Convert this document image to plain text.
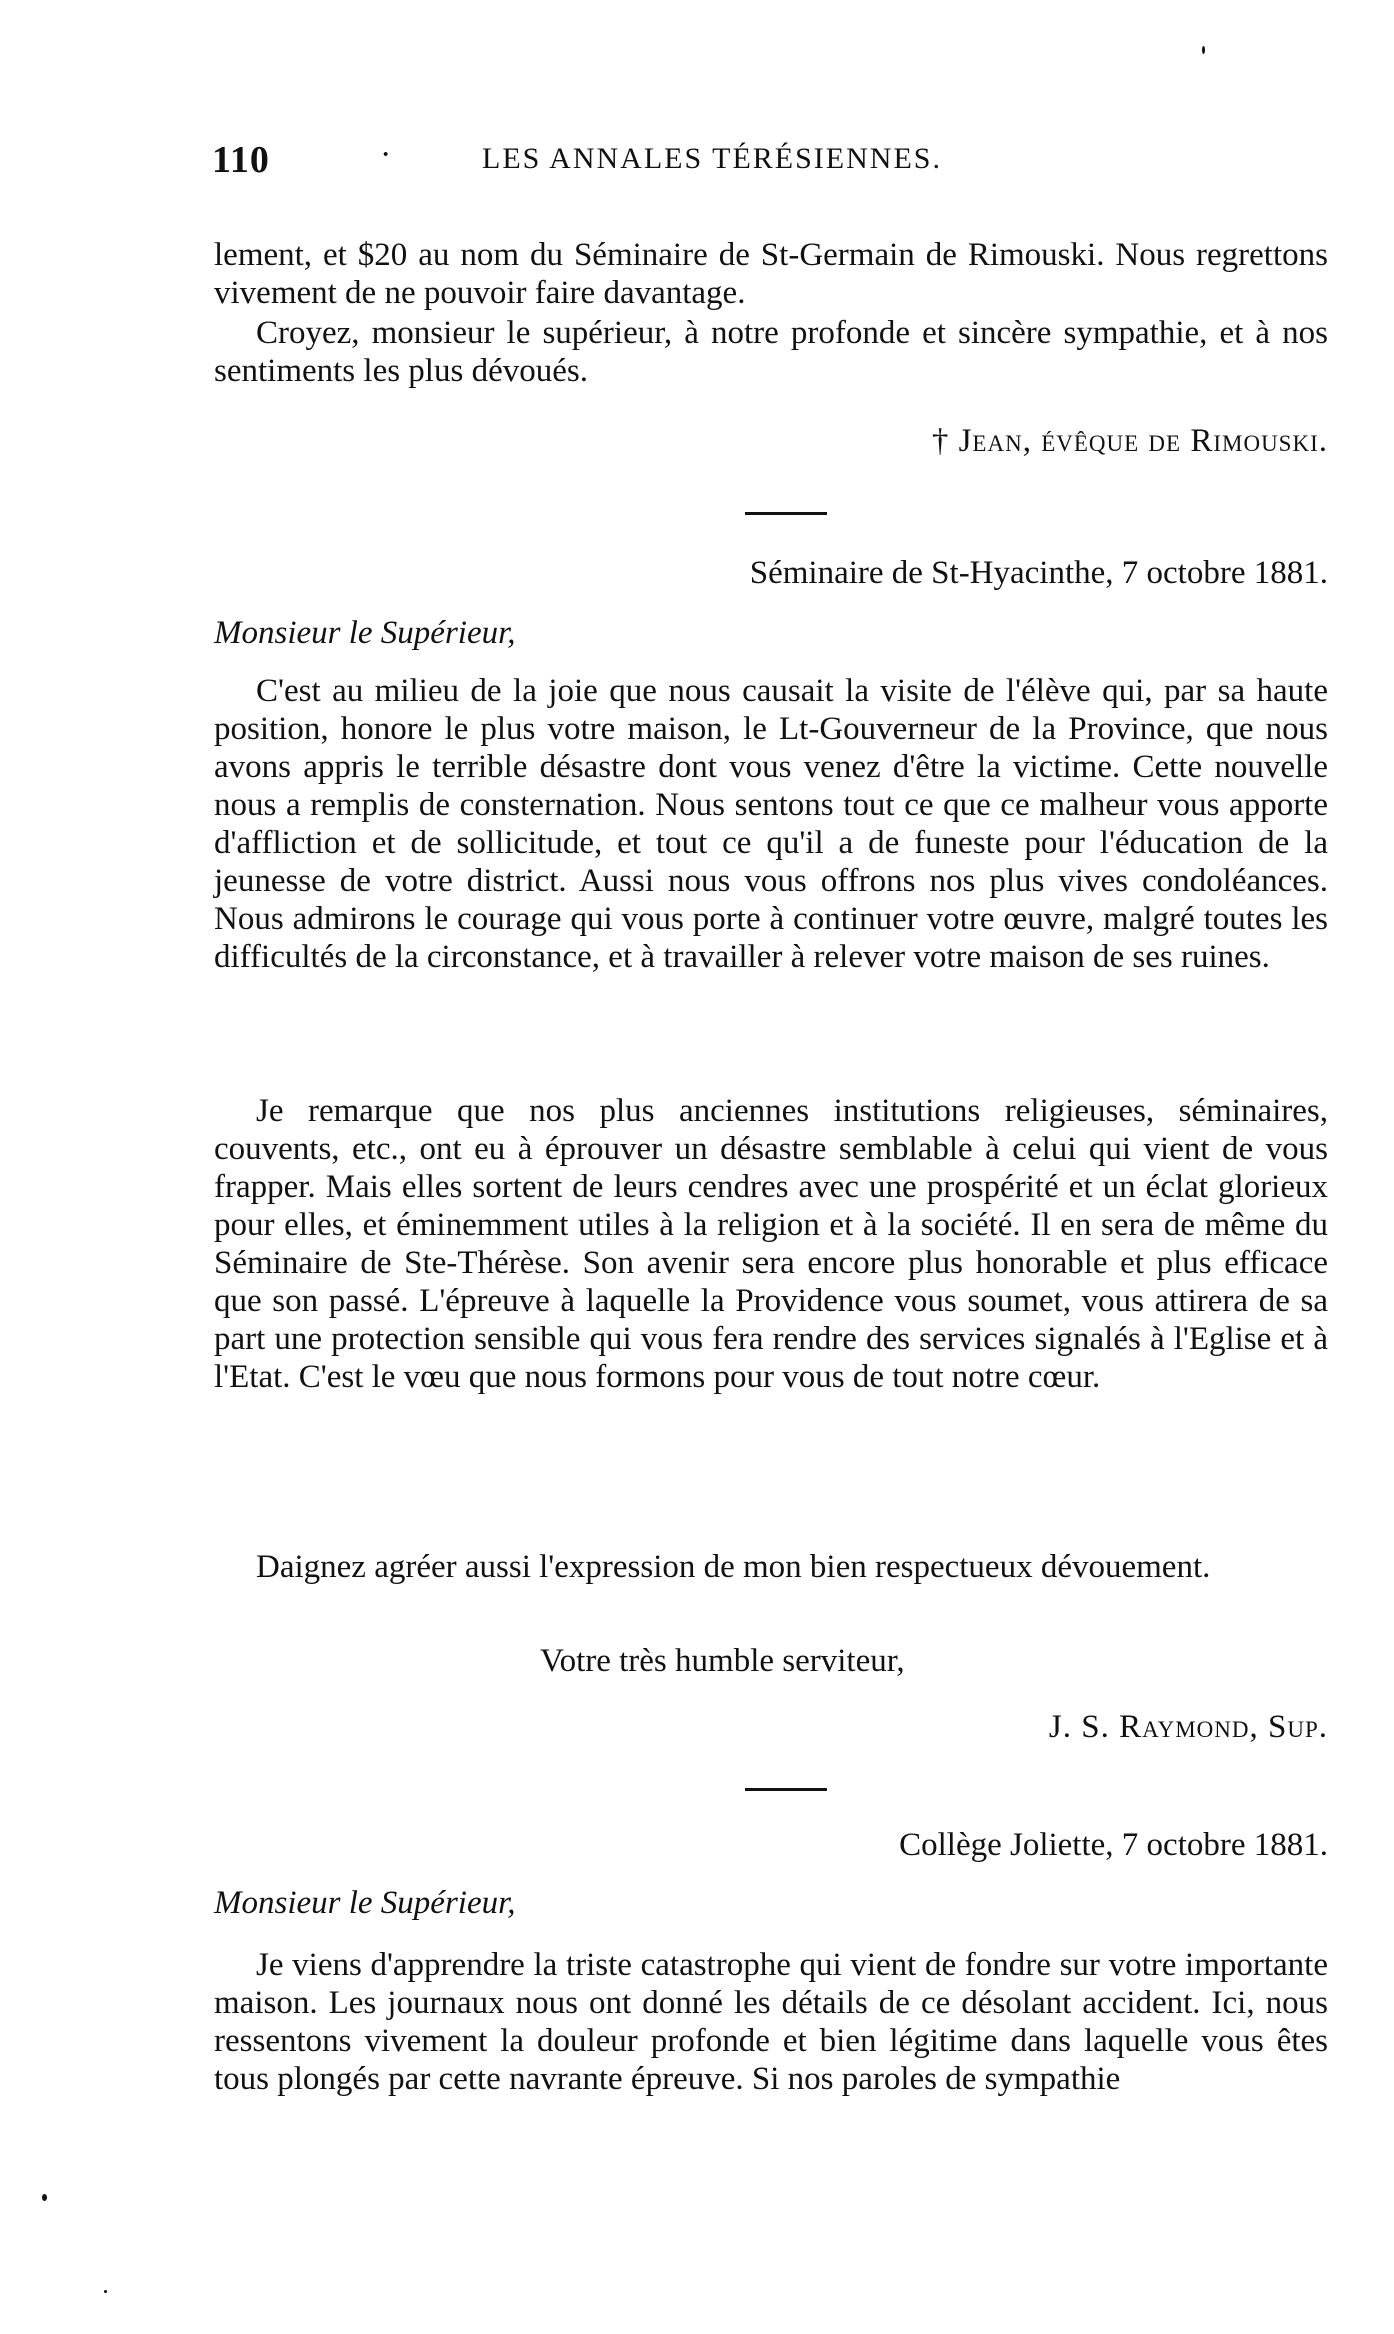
110	·	LES ANNALES TÉRÉSIENNES.
lement, et $20 au nom du Séminaire de St-Germain de Rimouski. Nous regrettons vivement de ne pouvoir faire davantage.
Croyez, monsieur le supérieur, à notre profonde et sincère sympathie, et à nos sentiments les plus dévoués.
† Jean, évêque de Rimouski.
Séminaire de St-Hyacinthe, 7 octobre 1881.
Monsieur le Supérieur,
C'est au milieu de la joie que nous causait la visite de l'élève qui, par sa haute position, honore le plus votre maison, le Lt-Gouverneur de la Province, que nous avons appris le terrible désastre dont vous venez d'être la victime. Cette nouvelle nous a remplis de consternation. Nous sentons tout ce que ce malheur vous apporte d'affliction et de sollicitude, et tout ce qu'il a de funeste pour l'éducation de la jeunesse de votre district. Aussi nous vous offrons nos plus vives condoléances. Nous admirons le courage qui vous porte à continuer votre œuvre, malgré toutes les difficultés de la circonstance, et à travailler à relever votre maison de ses ruines.
Je remarque que nos plus anciennes institutions religieuses, séminaires, couvents, etc., ont eu à éprouver un désastre semblable à celui qui vient de vous frapper. Mais elles sortent de leurs cendres avec une prospérité et un éclat glorieux pour elles, et éminemment utiles à la religion et à la société. Il en sera de même du Séminaire de Ste-Thérèse. Son avenir sera encore plus honorable et plus efficace que son passé. L'épreuve à laquelle la Providence vous soumet, vous attirera de sa part une protection sensible qui vous fera rendre des services signalés à l'Eglise et à l'Etat. C'est le vœu que nous formons pour vous de tout notre cœur.
Daignez agréer aussi l'expression de mon bien respectueux dévouement.
Votre très humble serviteur,
J. S. Raymond, Sup.
Collège Joliette, 7 octobre 1881.
Monsieur le Supérieur,
Je viens d'apprendre la triste catastrophe qui vient de fondre sur votre importante maison. Les journaux nous ont donné les détails de ce désolant accident. Ici, nous ressentons vivement la douleur profonde et bien légitime dans laquelle vous êtes tous plongés par cette navrante épreuve. Si nos paroles de sympathie
